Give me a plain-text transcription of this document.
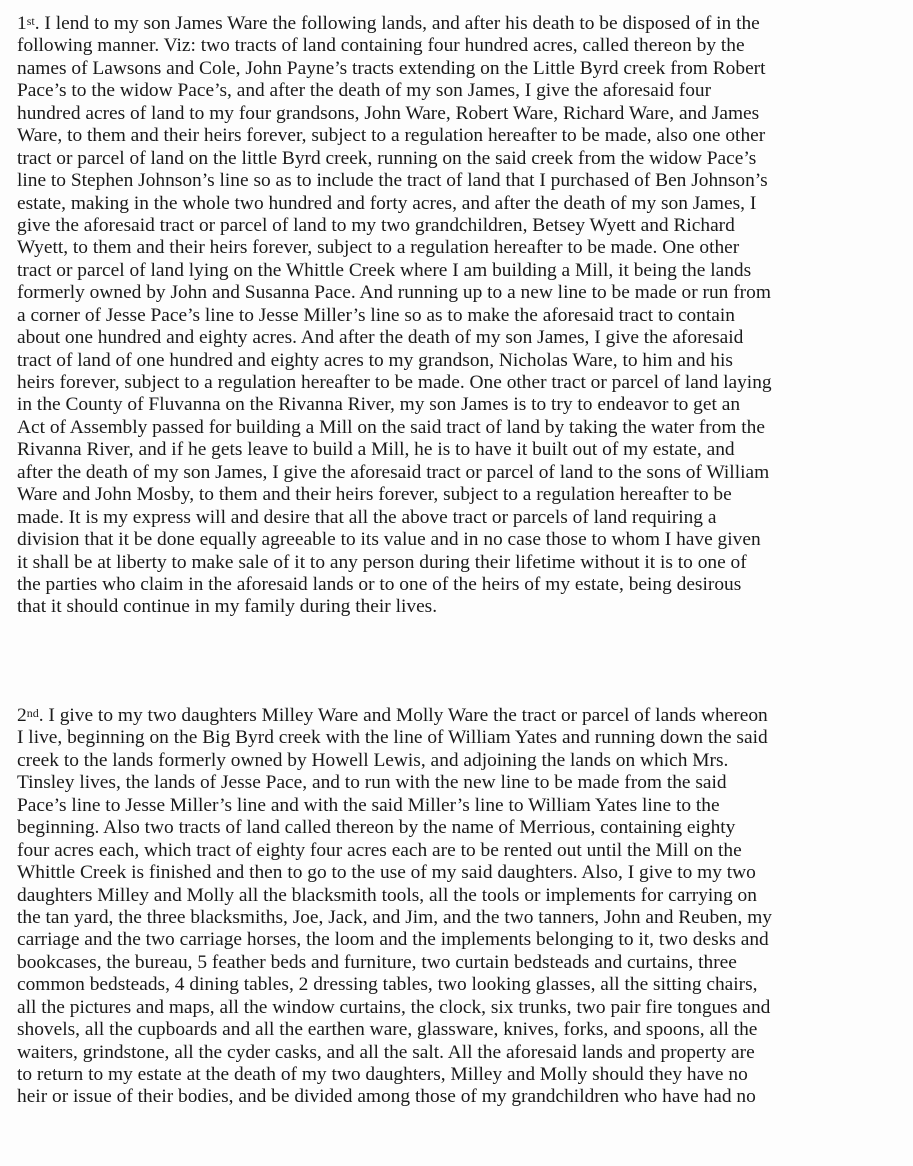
1st. I lend to my son James Ware the following lands, and after his death to be disposed of in the
following manner. Viz: two tracts of land containing four hundred acres, called thereon by the
names of Lawsons and Cole, John Payne’s tracts extending on the Little Byrd creek from Robert
Pace’s to the widow Pace’s, and after the death of my son James, I give the aforesaid four
hundred acres of land to my four grandsons, John Ware, Robert Ware, Richard Ware, and James
Ware, to them and their heirs forever, subject to a regulation hereafter to be made, also one other
tract or parcel of land on the little Byrd creek, running on the said creek from the widow Pace’s
line to Stephen Johnson’s line so as to include the tract of land that I purchased of Ben Johnson’s
estate, making in the whole two hundred and forty acres, and after the death of my son James, I
give the aforesaid tract or parcel of land to my two grandchildren, Betsey Wyett and Richard
Wyett, to them and their heirs forever, subject to a regulation hereafter to be made. One other
tract or parcel of land lying on the Whittle Creek where I am building a Mill, it being the lands
formerly owned by John and Susanna Pace. And running up to a new line to be made or run from
a corner of Jesse Pace’s line to Jesse Miller’s line so as to make the aforesaid tract to contain
about one hundred and eighty acres. And after the death of my son James, I give the aforesaid
tract of land of one hundred and eighty acres to my grandson, Nicholas Ware, to him and his
heirs forever, subject to a regulation hereafter to be made. One other tract or parcel of land laying
in the County of Fluvanna on the Rivanna River, my son James is to try to endeavor to get an
Act of Assembly passed for building a Mill on the said tract of land by taking the water from the
Rivanna River, and if he gets leave to build a Mill, he is to have it built out of my estate, and
after the death of my son James, I give the aforesaid tract or parcel of land to the sons of William
Ware and John Mosby, to them and their heirs forever, subject to a regulation hereafter to be
made. It is my express will and desire that all the above tract or parcels of land requiring a
division that it be done equally agreeable to its value and in no case those to whom I have given
it shall be at liberty to make sale of it to any person during their lifetime without it is to one of
the parties who claim in the aforesaid lands or to one of the heirs of my estate, being desirous
that it should continue in my family during their lives.
2nd. I give to my two daughters Milley Ware and Molly Ware the tract or parcel of lands whereon
I live, beginning on the Big Byrd creek with the line of William Yates and running down the said
creek to the lands formerly owned by Howell Lewis, and adjoining the lands on which Mrs.
Tinsley lives, the lands of Jesse Pace, and to run with the new line to be made from the said
Pace’s line to Jesse Miller’s line and with the said Miller’s line to William Yates line to the
beginning. Also two tracts of land called thereon by the name of Merrious, containing eighty
four acres each, which tract of eighty four acres each are to be rented out until the Mill on the
Whittle Creek is finished and then to go to the use of my said daughters. Also, I give to my two
daughters Milley and Molly all the blacksmith tools, all the tools or implements for carrying on
the tan yard, the three blacksmiths, Joe, Jack, and Jim, and the two tanners, John and Reuben, my
carriage and the two carriage horses, the loom and the implements belonging to it, two desks and
bookcases, the bureau, 5 feather beds and furniture, two curtain bedsteads and curtains, three
common bedsteads, 4 dining tables, 2 dressing tables, two looking glasses, all the sitting chairs,
all the pictures and maps, all the window curtains, the clock, six trunks, two pair fire tongues and
shovels, all the cupboards and all the earthen ware, glassware, knives, forks, and spoons, all the
waiters, grindstone, all the cyder casks, and all the salt. All the aforesaid lands and property are
to return to my estate at the death of my two daughters, Milley and Molly should they have no
heir or issue of their bodies, and be divided among those of my grandchildren who have had no
